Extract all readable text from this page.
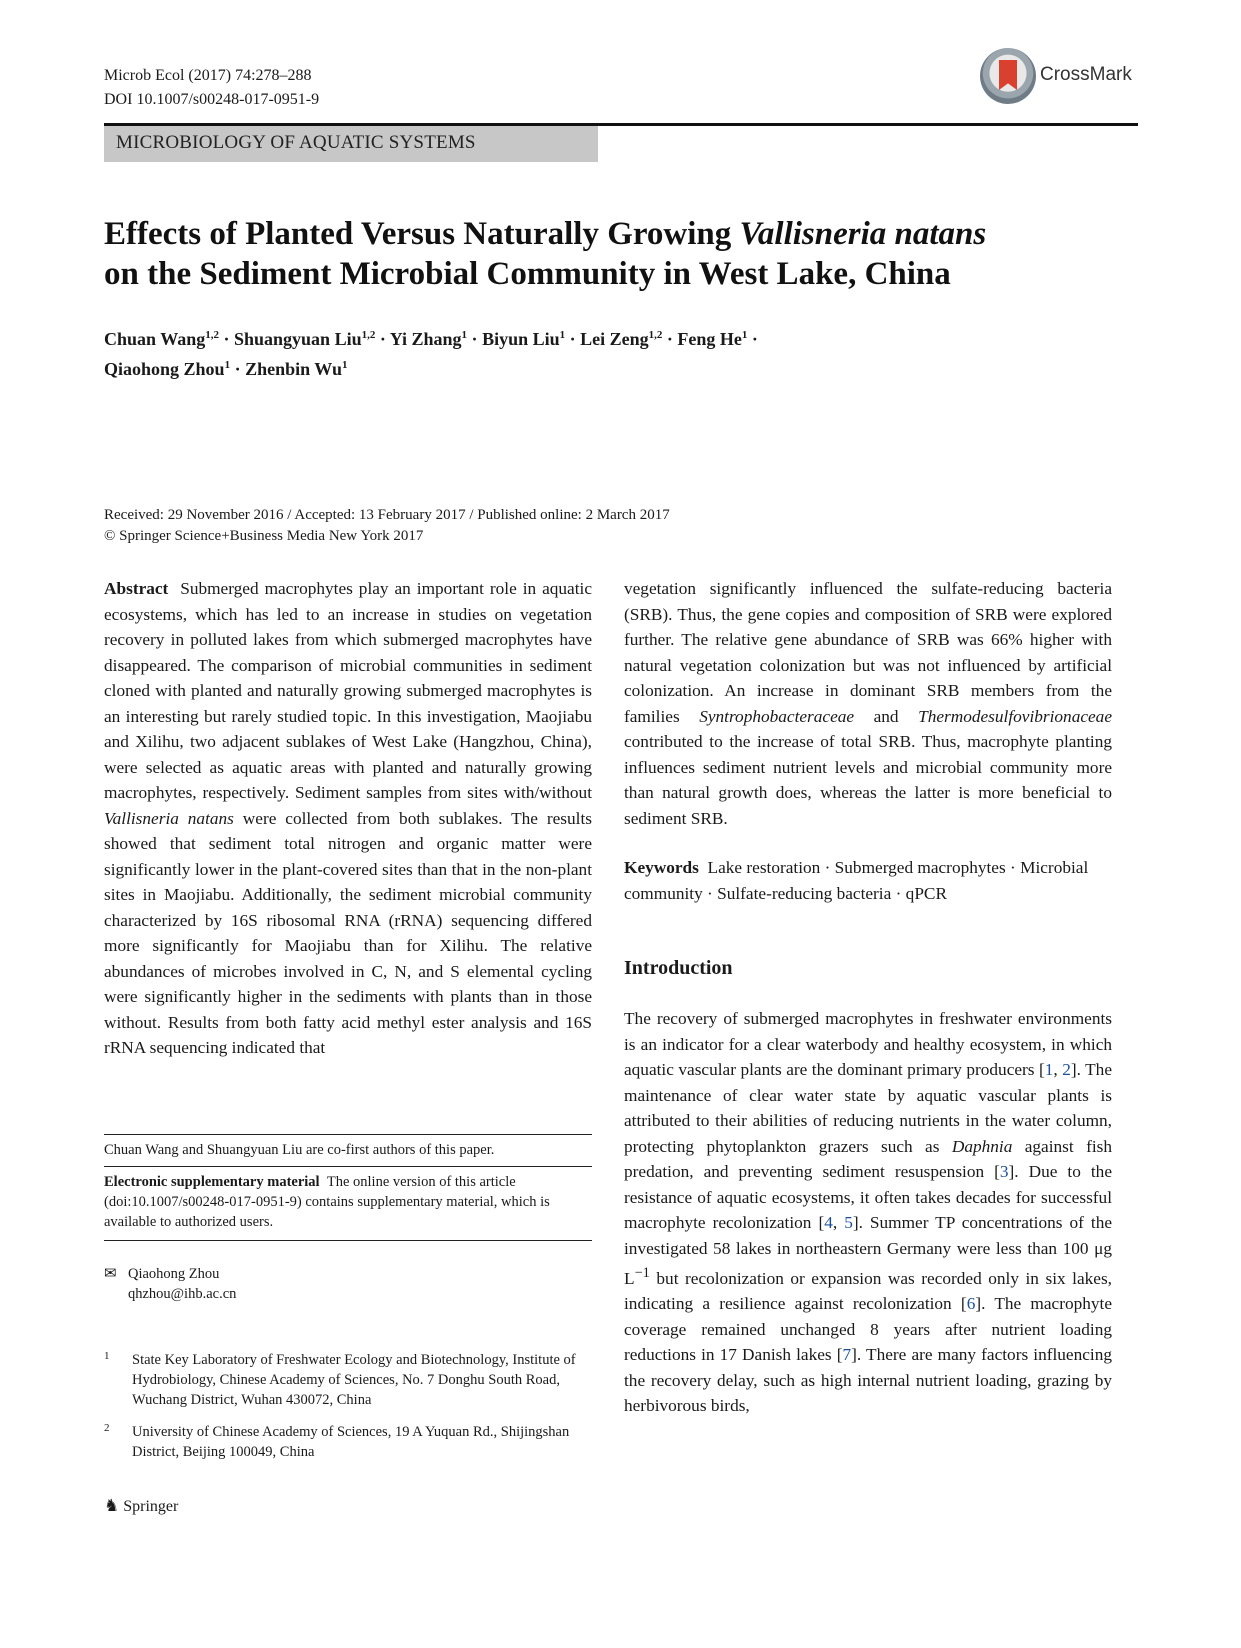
Microb Ecol (2017) 74:278–288
DOI 10.1007/s00248-017-0951-9
CrossMark
MICROBIOLOGY OF AQUATIC SYSTEMS
Effects of Planted Versus Naturally Growing Vallisneria natans
on the Sediment Microbial Community in West Lake, China
Chuan Wang$^{1,2}$ · Shuangyuan Liu$^{1,2}$ · Yi Zhang$^1$ · Biyun Liu$^1$ · Lei Zeng$^{1,2}$ · Feng $He^1$ ·
Qiaohong Zhou$^1$ · Zhenbin Wu$^1$
Received: 29 November 2016 / Accepted: 13 February 2017 / Published online: 2 March 2017
© Springer Science+Business Media New York 2017

Abstract Submerged macrophytes play an important role in aquatic ecosystems, which has led to an increase in studies on vegetation recovery in polluted lakes from which submerged macrophytes have disappeared. The comparison of microbial communities in sediment cloned with planted and naturally growing submerged macrophytes is an interesting but rarely studied topic. In this investigation, Maojiabu and Xilihu, two adjacent sublakes of West Lake (Hangzhou, China), were selected as aquatic areas with planted and naturally growing macrophytes, respectively. Sediment samples from sites with/without Vallisneria natans were collected from both sublakes. The results showed that sediment total nitrogen and organic matter were significantly lower in the plant-covered sites than that in the non-plant sites in Maojiabu. Additionally, the sediment microbial community characterized by 16S ribosomal RNA (rRNA) sequencing differed more significantly for Maojiabu than for Xilihu. The relative abundances of microbes involved in C, N, and S elemental cycling were significantly higher in the sediments with plants than in those without. Results from both fatty acid methyl ester analysis and 16S rRNA sequencing indicated that

vegetation significantly influenced the sulfate-reducing bacteria (SRB). Thus, the gene copies and composition of SRB were explored further. The relative gene abundance of SRB was 66% higher with natural vegetation colonization but was not influenced by artificial colonization. An increase in dominant SRB members from the families Syntrophobacteraceae and Thermodesulfovibrionaceae contributed to the increase of total SRB. Thus, macrophyte planting influences sediment nutrient levels and microbial community more than natural growth does, whereas the latter is more beneficial to sediment SRB.

Keywords Lake restoration · Submerged macrophytes · Microbial community · Sulfate-reducing bacteria · qPCR

Introduction

The recovery of submerged macrophytes in freshwater environments is an indicator for a clear waterbody and healthy ecosystem, in which aquatic vascular plants are the dominant primary producers [1, 2]. The maintenance of clear water state by aquatic vascular plants is attributed to their abilities of reducing nutrients in the water column, protecting phytoplankton grazers such as Daphnia against fish predation, and preventing sediment resuspension [3]. Due to the resistance of aquatic ecosystems, it often takes decades for successful macrophyte recolonization [4, 5]. Summer TP concentrations of the investigated 58 lakes in northeastern Germany were less than 100 μg $L^{-1}$ but recolonization or expansion was recorded only in six lakes, indicating a resilience against recolonization [6]. The macrophyte coverage remained unchanged 8 years after nutrient loading reductions in 17 Danish lakes [7]. There are many factors influencing the recovery delay, such as high internal nutrient loading, grazing by herbivorous birds,

Chuan Wang and Shuangyuan Liu are co-first authors of this paper.

Electronic supplementary material The online version of this article (doi:10.1007/s00248-017-0951-9) contains supplementary material, which is available to authorized users.

✉ Qiaohong Zhou
qhzhou@ihb.ac.cn
1 State Key Laboratory of Freshwater Ecology and Biotechnology, Institute of Hydrobiology, Chinese Academy of Sciences, No. 7 Donghu South Road, Wuchang District, Wuhan 430072, China
2 University of Chinese Academy of Sciences, 19 A Yuquan Rd., Shijingshan District, Beijing 100049, China
♞ Springer
